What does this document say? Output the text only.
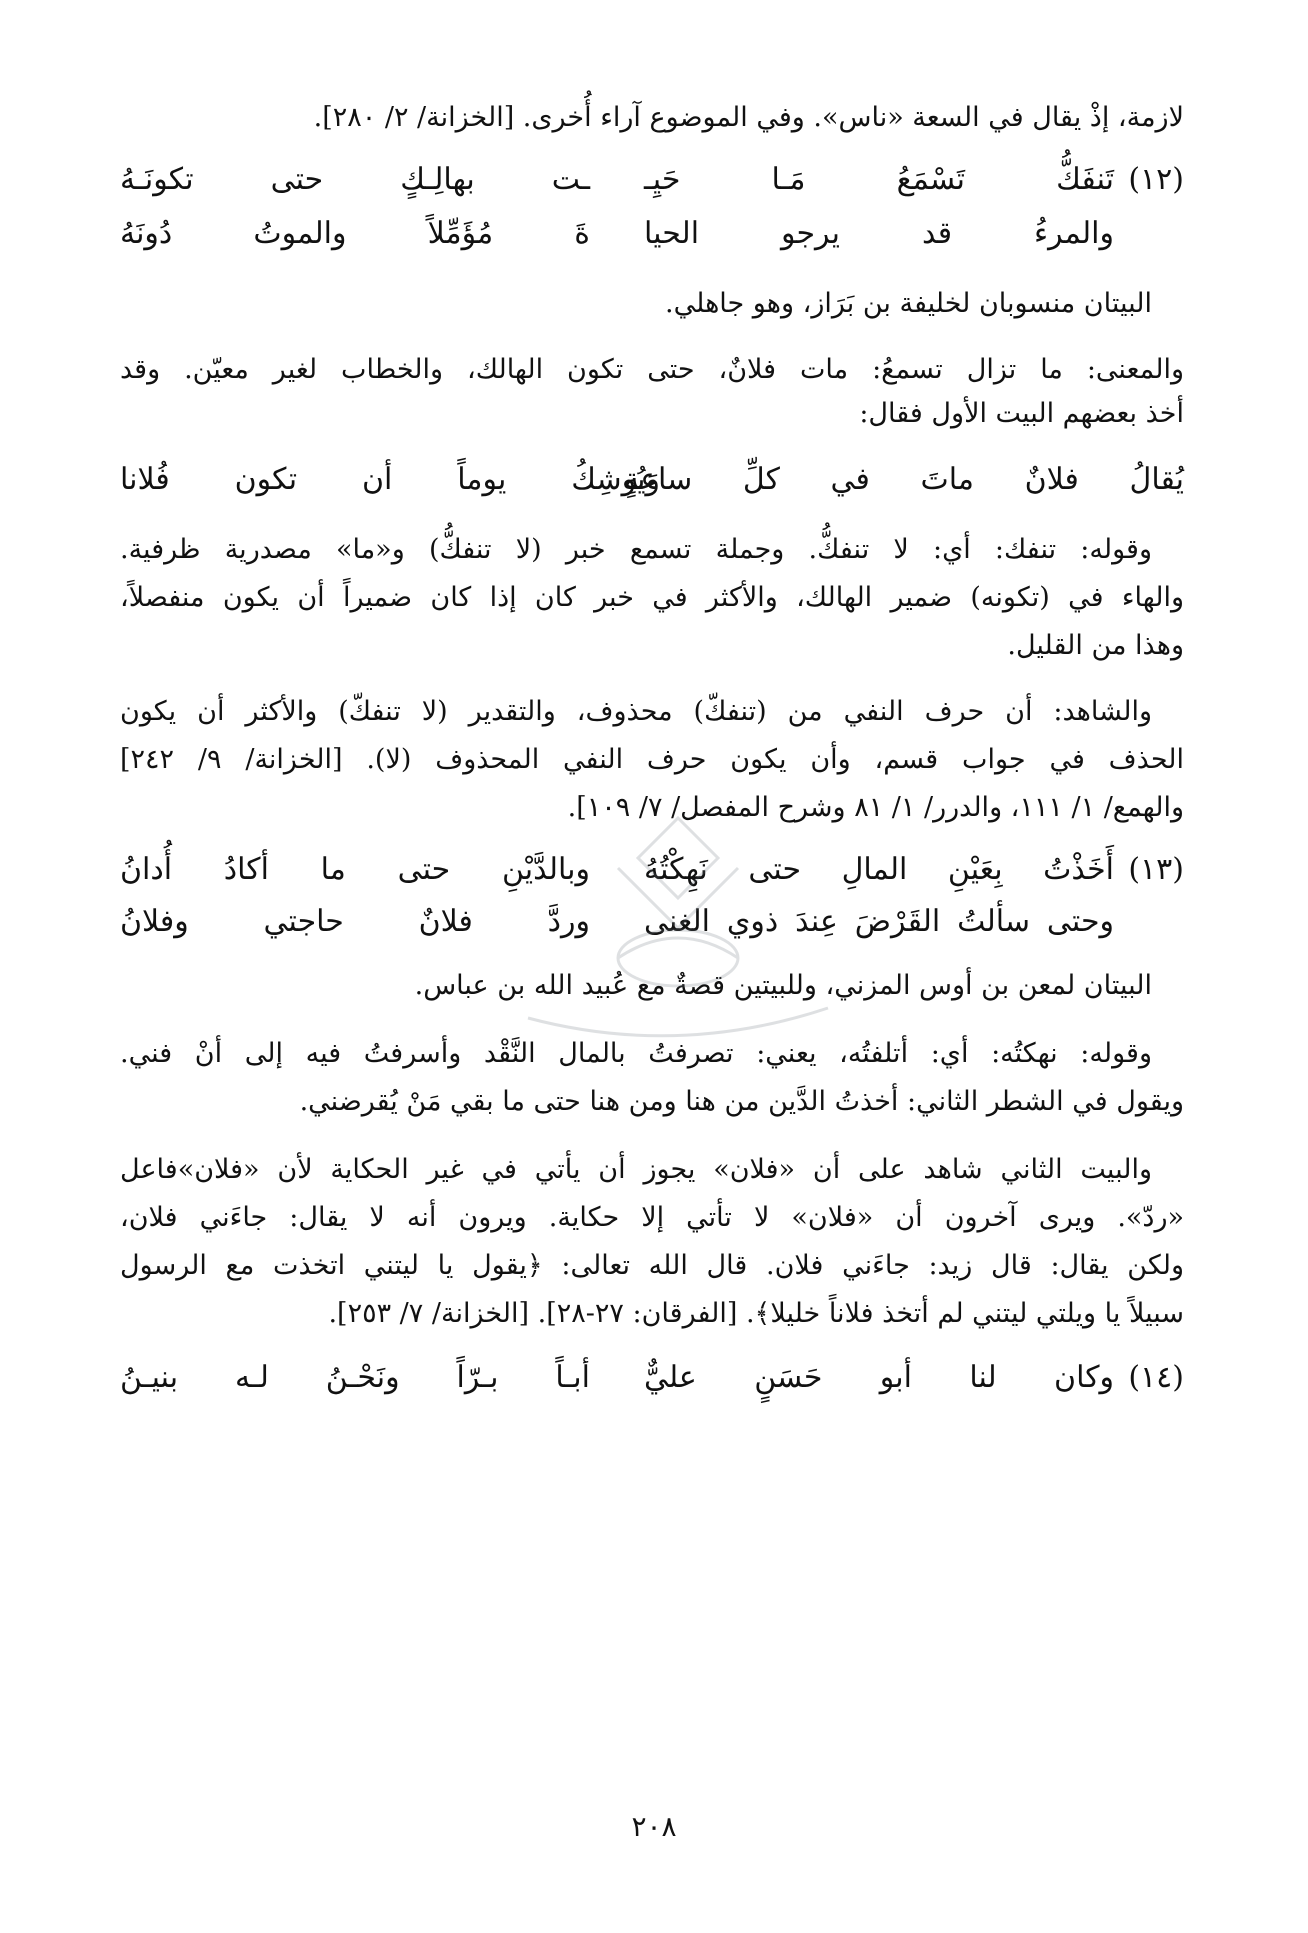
لازمة، إذْ يقال في السعة «ناس». وفي الموضوع آراء أُخرى. [الخزانة/ ٢/ ٢٨٠].
(١٢)
تَنفَكُّ تَسْمَعُ مَـا حَيِـ
ـت بهالِـكٍ حتى تكونَـهُ
والمرءُ قد يرجو الحيا
ةَ مُؤَمِّلاً والموتُ دُونَهُ
البيتان منسوبان لخليفة بن بَرَاز، وهو جاهلي.
والمعنى: ما تزال تسمعُ: مات فلانٌ، حتى تكون الهالك، والخطاب لغير معيّن. وقد
أخذ بعضهم البيت الأول فقال:
يُقالُ فلانٌ ماتَ في كلِّ ساعةٍ
وَيُوشِكُ يوماً أن تكون فُلانا
وقوله: تنفك: أي: لا تنفكُّ. وجملة تسمع خبر (لا تنفكُّ) و«ما» مصدرية ظرفية.
والهاء في (تكونه) ضمير الهالك، والأكثر في خبر كان إذا كان ضميراً أن يكون منفصلاً،
وهذا من القليل.
والشاهد: أن حرف النفي من (تنفكّ) محذوف، والتقدير (لا تنفكّ) والأكثر أن يكون
الحذف في جواب قسم، وأن يكون حرف النفي المحذوف (لا). [الخزانة/ ٩/ ٢٤٢]
والهمع/ ١/ ١١١، والدرر/ ١/ ٨١ وشرح المفصل/ ٧/ ١٠٩].
(١٣)
أَخَذْتُ بِعَيْنِ المالِ حتى نَهِكْتُهُ
وبالدَّيْنِ حتى ما أكادُ أُدانُ
وحتى سألتُ القَرْضَ عِندَ ذوي الغنى
وردَّ فلانٌ حاجتي وفلانُ
البيتان لمعن بن أوس المزني، وللبيتين قصةٌ مع عُبيد الله بن عباس.
وقوله: نهكتُه: أي: أتلفتُه، يعني: تصرفتُ بالمال النَّقْد وأسرفتُ فيه إلى أنْ فني.
ويقول في الشطر الثاني: أخذتُ الدَّين من هنا ومن هنا حتى ما بقي مَنْ يُقرضني.
والبيت الثاني شاهد على أن «فلان» يجوز أن يأتي في غير الحكاية لأن «فلان»فاعل
«ردّ». ويرى آخرون أن «فلان» لا تأتي إلا حكاية. ويرون أنه لا يقال: جاءَني فلان،
ولكن يقال: قال زيد: جاءَني فلان. قال الله تعالى: ﴿يقول يا ليتني اتخذت مع الرسول
سبيلاً يا ويلتي ليتني لم أتخذ فلاناً خليلا﴾. [الفرقان: ٢٧-٢٨]. [الخزانة/ ٧/ ٢٥٣].
(١٤)
وكان لنا أبو حَسَنٍ عليٌّ
أبـاً بـرّاً ونَحْـنُ لـه بنيـنُ
٢٠٨
